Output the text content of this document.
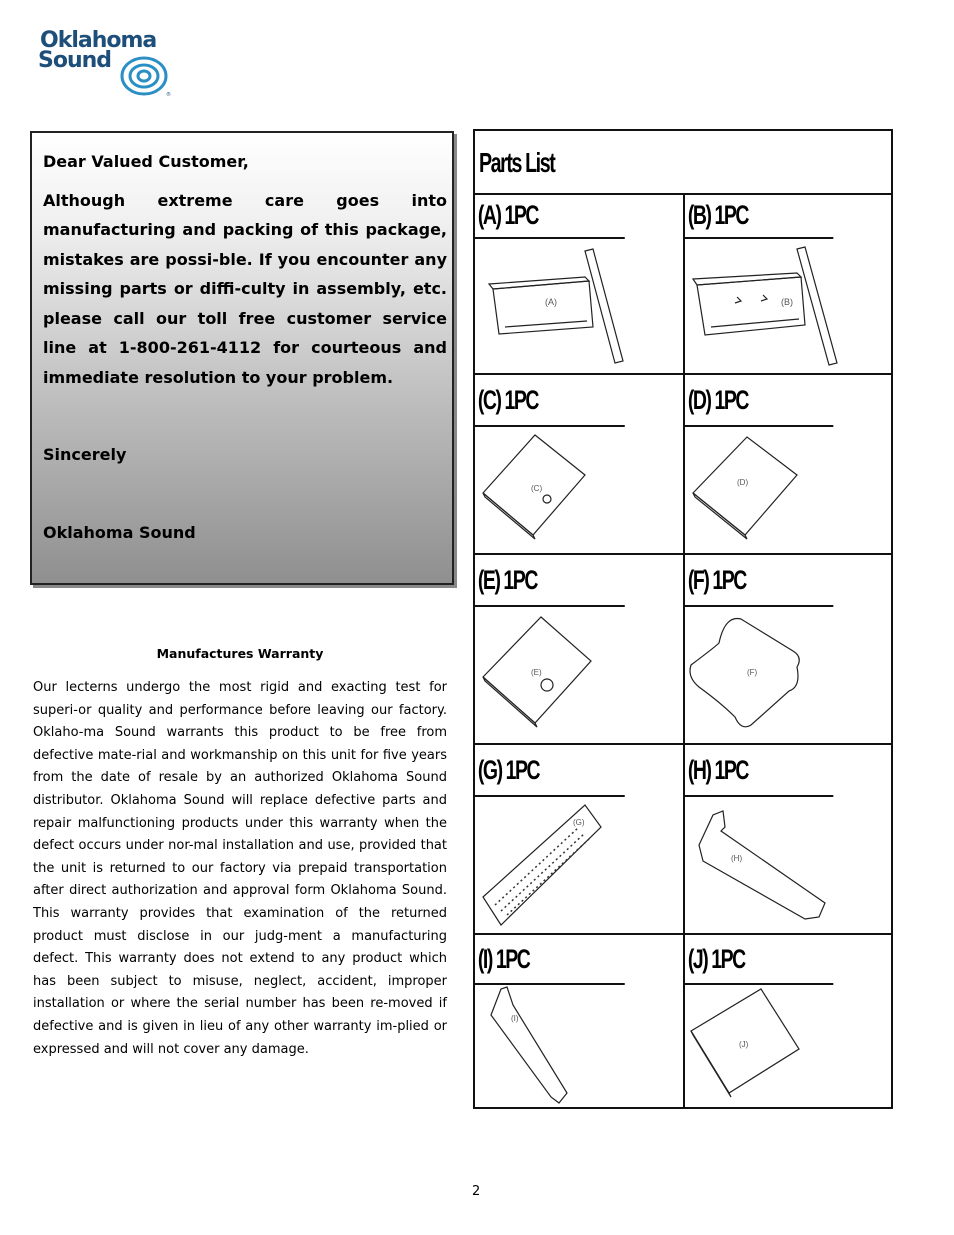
Oklahoma
Sound
®

Dear Valued Customer,

Although extreme care goes into manufacturing and packing of this package, mistakes are possi-ble. If you encounter any missing parts or diffi-culty in assembly, etc. please call our toll free customer service line at 1-800-261-4112 for courteous and immediate resolution to your problem.

Sincerely

Oklahoma Sound

Manufactures Warranty
Our lecterns undergo the most rigid and exacting test for superi-or quality and performance before leaving our factory. Oklaho-ma Sound warrants this product to be free from defective mate-rial and workmanship on this unit for five years from the date of resale by an authorized Oklahoma Sound distributor. Oklahoma Sound will replace defective parts and repair malfunctioning products under this warranty when the defect occurs under nor-mal installation and use, provided that the unit is returned to our factory via prepaid transportation after direct authorization and approval form Oklahoma Sound. This warranty provides that examination of the returned product must disclose in our judg-ment a manufacturing defect. This warranty does not extend to any product which has been subject to misuse, neglect, accident, improper installation or where the serial number has been re-moved if defective and is given in lieu of any other warranty im-plied or expressed and will not cover any damage.
Parts List
(A) 1PC	(B) 1PC
(A)	(B)
(C) 1PC	(D) 1PC
(C)
(D)
(E) 1PC	(F) 1PC
(E)	(F)
(G) 1PC	(H) 1PC
(G)
(H)
(I) 1PC	(J) 1PC
(I)
(J)
2
